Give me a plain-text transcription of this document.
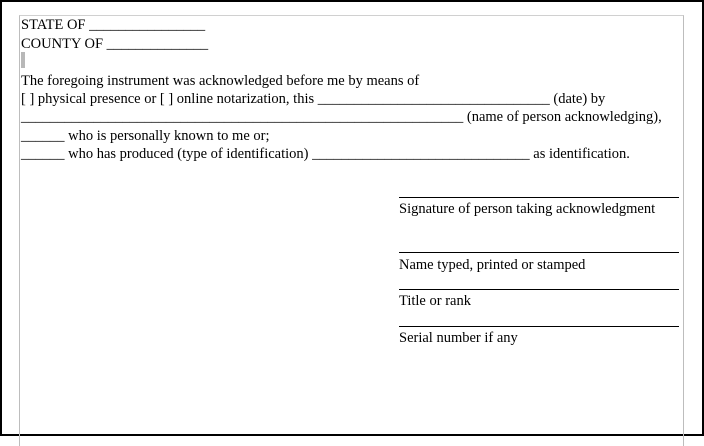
STATE OF ________________
COUNTY OF ______________
The foregoing instrument was acknowledged before me by means of
[ ] physical presence or [ ] online notarization, this ________________________________ (date) by
_____________________________________________________________ (name of person acknowledging),
______ who is personally known to me or;
______ who has produced (type of identification) ______________________________ as identification.
Signature of person taking acknowledgment
Name typed, printed or stamped
Title or rank
Serial number if any
